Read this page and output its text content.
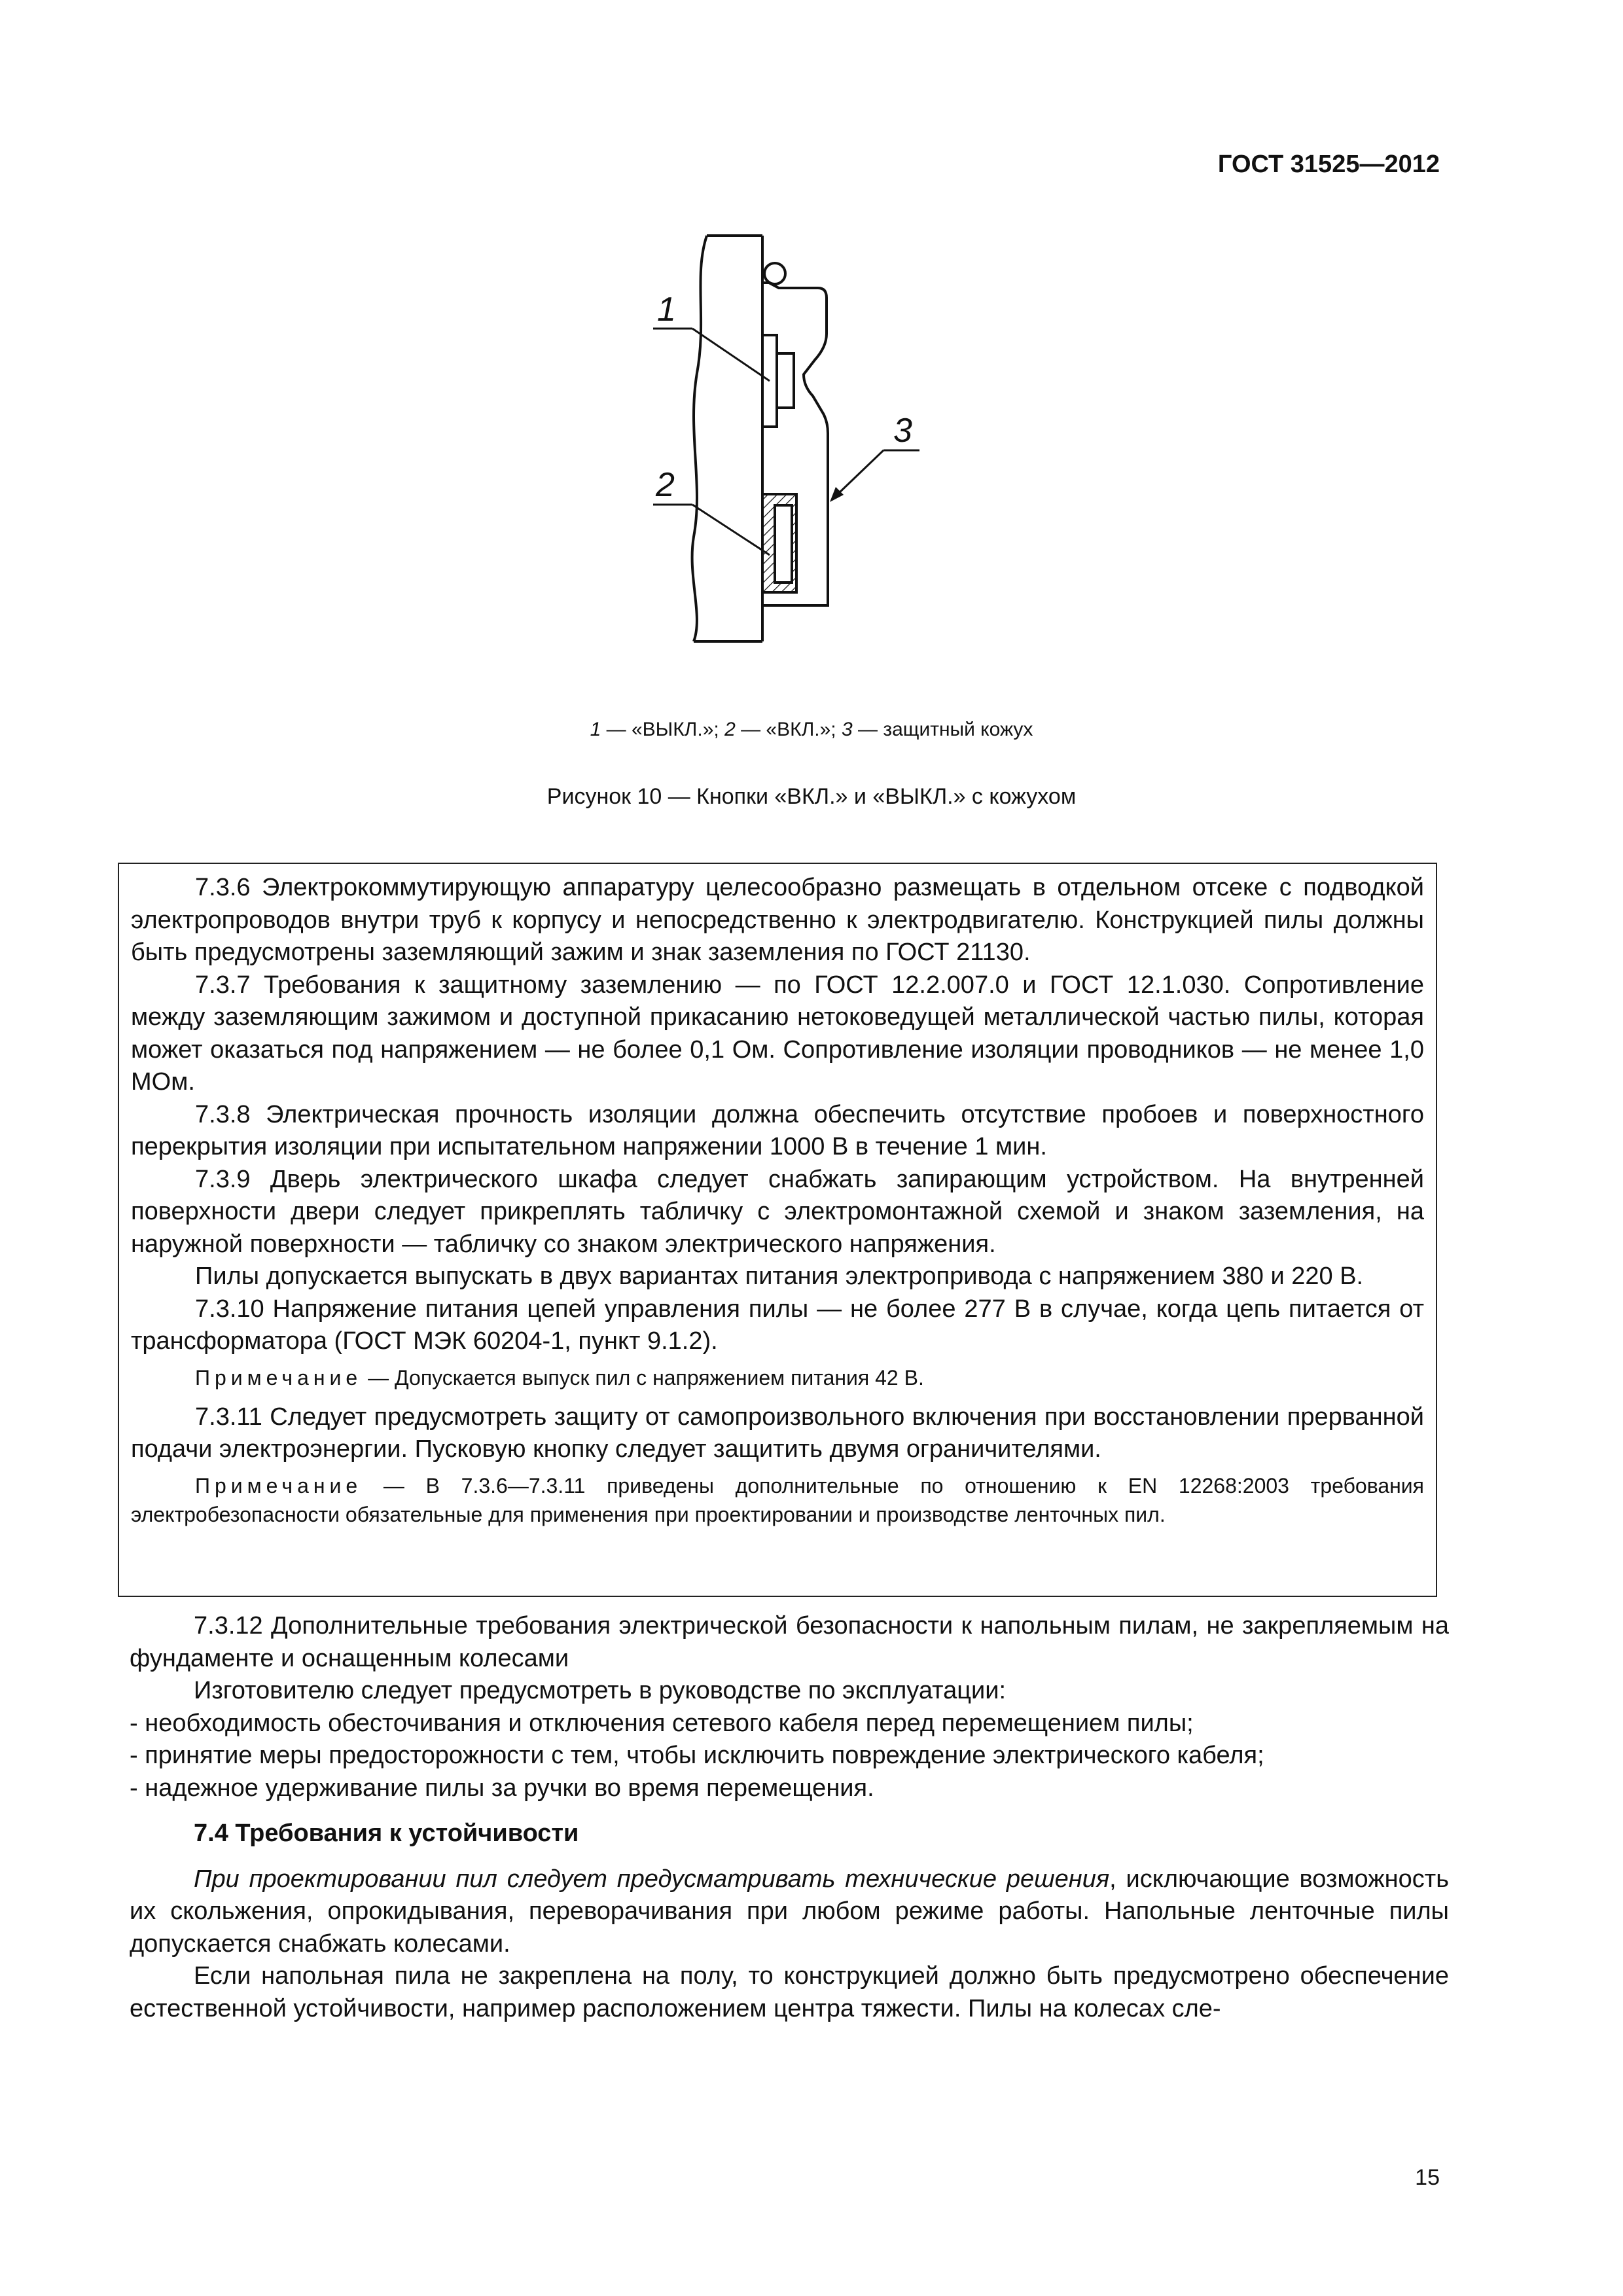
ГОСТ 31525—2012
1
2
3
1 — «ВЫКЛ.»; 2 — «ВКЛ.»; 3 — защитный кожух
Рисунок 10 — Кнопки «ВКЛ.» и «ВЫКЛ.» с кожухом

7.3.6 Электрокоммутирующую аппаратуру целесообразно размещать в отдельном отсеке с подводкой электропроводов внутри труб к корпусу и непосредственно к электродвигателю. Конструкцией пилы должны быть предусмотрены заземляющий зажим и знак заземления по ГОСТ 21130.

7.3.7 Требования к защитному заземлению — по ГОСТ 12.2.007.0 и ГОСТ 12.1.030. Сопротивление между заземляющим зажимом и доступной прикасанию нетоковедущей металлической частью пилы, которая может оказаться под напряжением — не более 0,1 Ом. Сопротивление изоляции проводников — не менее 1,0 МОм.

7.3.8 Электрическая прочность изоляции должна обеспечить отсутствие пробоев и поверхностного перекрытия изоляции при испытательном напряжении 1000 В в течение 1 мин.

7.3.9 Дверь электрического шкафа следует снабжать запирающим устройством. На внутренней поверхности двери следует прикреплять табличку с электромонтажной схемой и знаком заземления, на наружной поверхности — табличку со знаком электрического напряжения.

Пилы допускается выпускать в двух вариантах питания электропривода с напряжением 380 и 220 В.

7.3.10 Напряжение питания цепей управления пилы — не более 277 В в случае, когда цепь питается от трансформатора (ГОСТ МЭК 60204-1, пункт 9.1.2).

Примечание — Допускается выпуск пил с напряжением питания 42 В.

7.3.11 Следует предусмотреть защиту от самопроизвольного включения при восстановлении прерванной подачи электроэнергии. Пусковую кнопку следует защитить двумя ограничителями.

Примечание — В 7.3.6—7.3.11 приведены дополнительные по отношению к EN 12268:2003 требования электробезопасности обязательные для применения при проектировании и производстве ленточных пил.

7.3.12 Дополнительные требования электрической безопасности к напольным пилам, не закрепляемым на фундаменте и оснащенным колесами

Изготовителю следует предусмотреть в руководстве по эксплуатации:

- необходимость обесточивания и отключения сетевого кабеля перед перемещением пилы;

- принятие меры предосторожности с тем, чтобы исключить повреждение электрического кабеля;

- надежное удерживание пилы за ручки во время перемещения.

7.4 Требования к устойчивости

При проектировании пил следует предусматривать технические решения, исключающие возможность их скольжения, опрокидывания, переворачивания при любом режиме работы. Напольные ленточные пилы допускается снабжать колесами.

Если напольная пила не закреплена на полу, то конструкцией должно быть предусмотрено обеспечение естественной устойчивости, например расположением центра тяжести. Пилы на колесах сле-

15
